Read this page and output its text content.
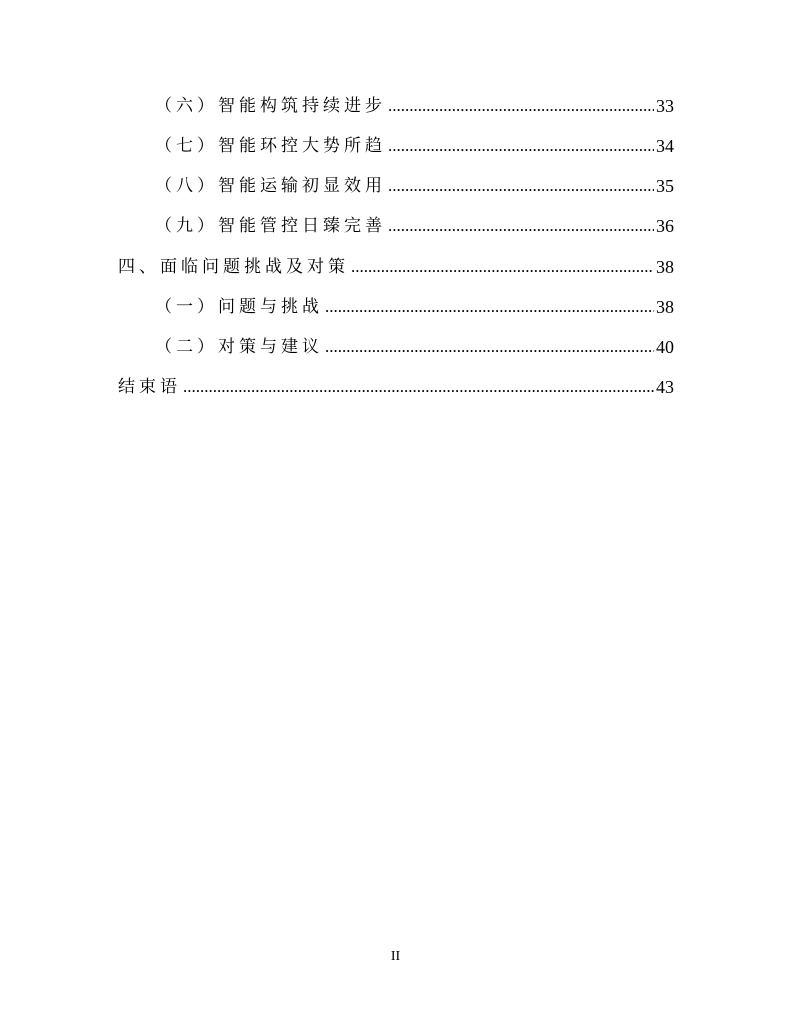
（六）智能构筑持续进步 .....	33
（七）智能环控大势所趋 .....	34
（八）智能运输初显效用 .....	35
（九）智能管控日臻完善 .....	36
四、面临问题挑战及对策 .....	38
（一）问题与挑战 .....	38
（二）对策与建议 .....	40
结束语 .....	43
II
